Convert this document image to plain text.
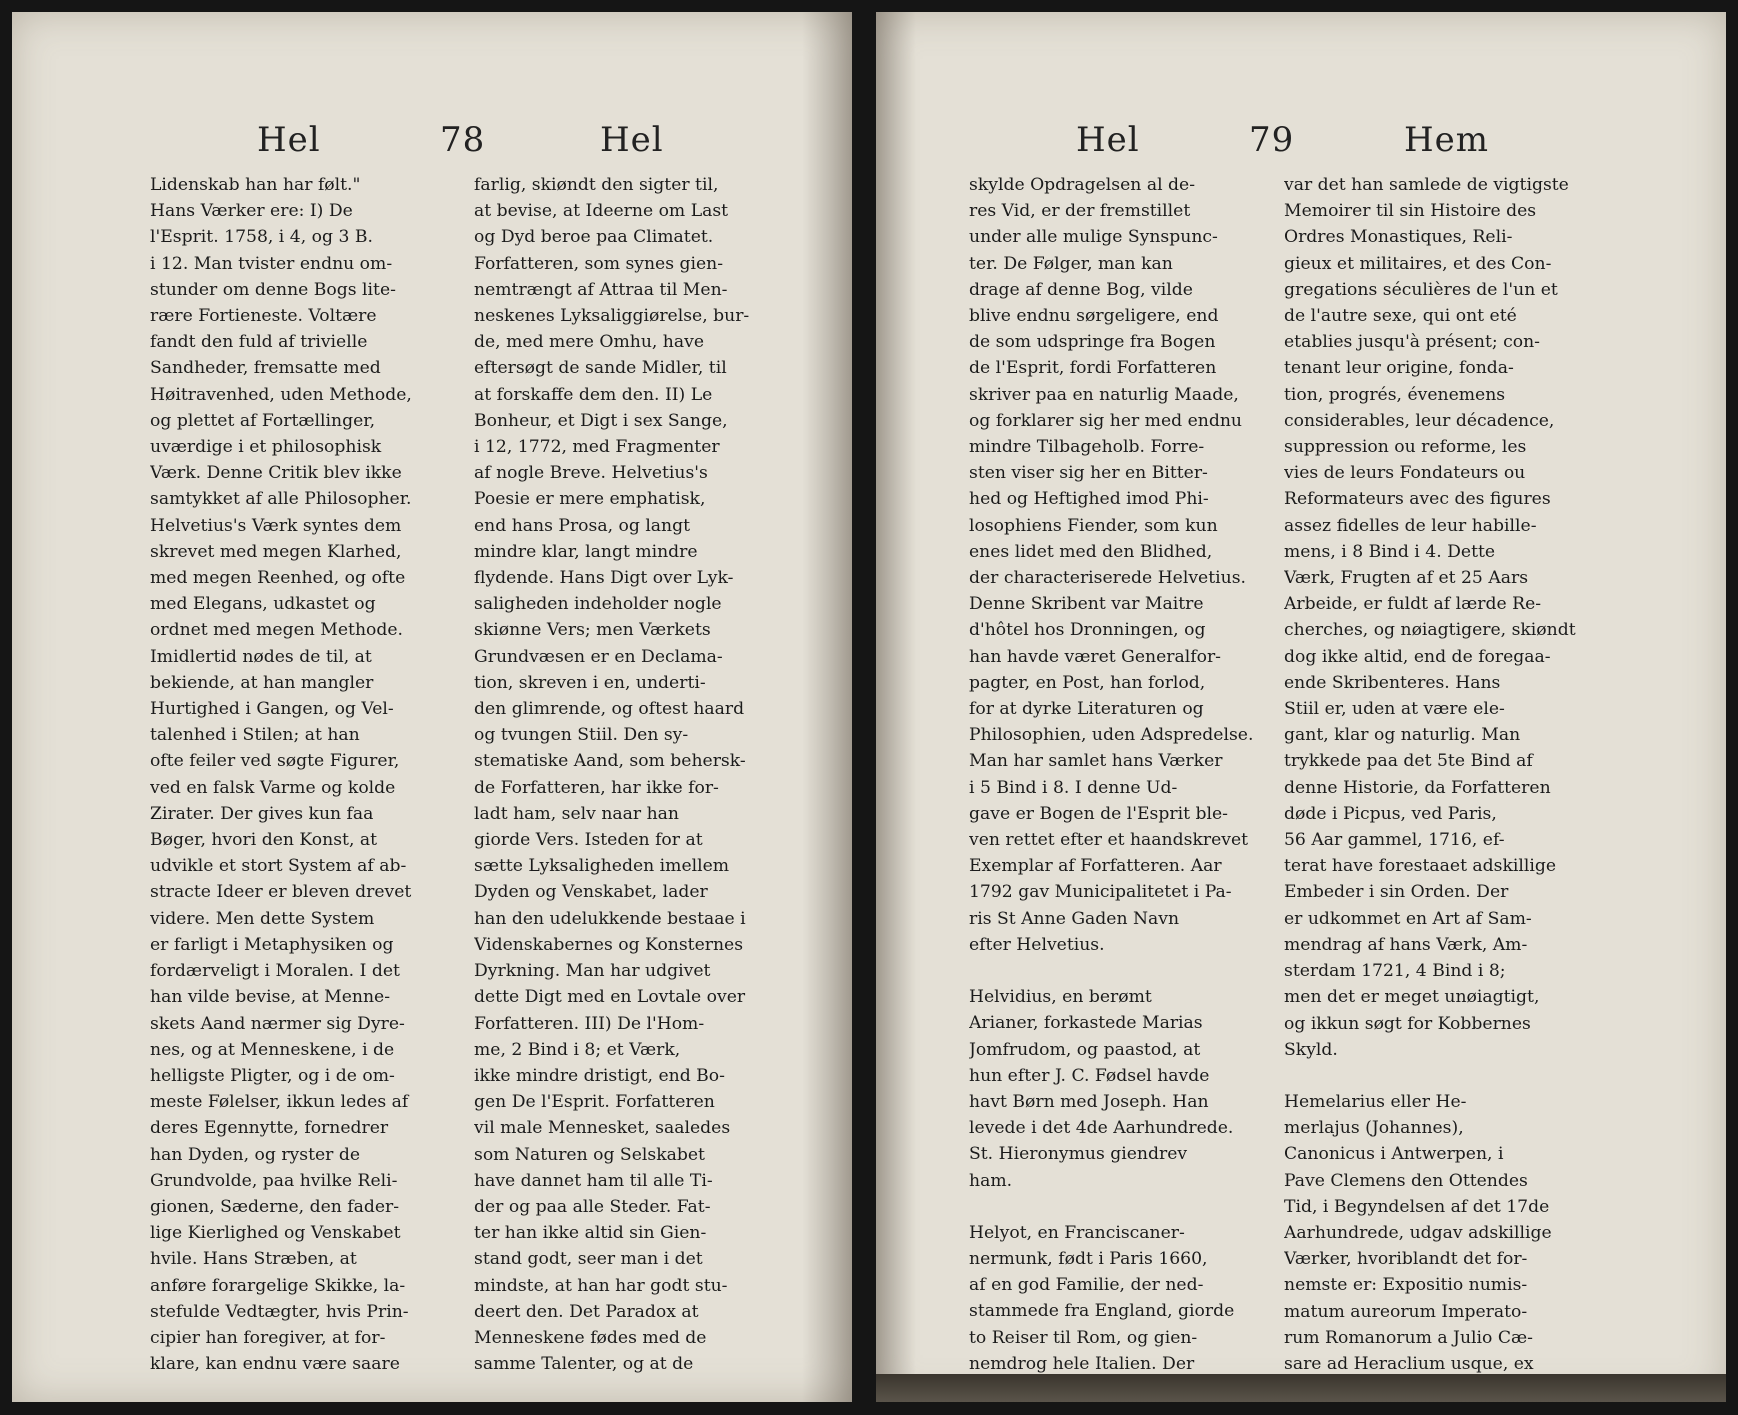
Hel	78	Hel
Lidenskab han har følt."
Hans Værker ere: I) De
l'Esprit. 1758, i 4, og 3 B.
i 12. Man tvister endnu om-
stunder om denne Bogs lite-
rære Fortieneste. Voltære
fandt den fuld af trivielle
Sandheder, fremsatte med
Høitravenhed, uden Methode,
og plettet af Fortællinger,
uværdige i et philosophisk
Værk. Denne Critik blev ikke
samtykket af alle Philosopher.
Helvetius's Værk syntes dem
skrevet med megen Klarhed,
med megen Reenhed, og ofte
med Elegans, udkastet og
ordnet med megen Methode.
Imidlertid nødes de til, at
bekiende, at han mangler
Hurtighed i Gangen, og Vel-
talenhed i Stilen; at han
ofte feiler ved søgte Figurer,
ved en falsk Varme og kolde
Zirater. Der gives kun faa
Bøger, hvori den Konst, at
udvikle et stort System af ab-
stracte Ideer er bleven drevet
videre. Men dette System
er farligt i Metaphysiken og
fordærveligt i Moralen. I det
han vilde bevise, at Menne-
skets Aand nærmer sig Dyre-
nes, og at Menneskene, i de
helligste Pligter, og i de om-
meste Følelser, ikkun ledes af
deres Egennytte, fornedrer
han Dyden, og ryster de
Grundvolde, paa hvilke Reli-
gionen, Sæderne, den fader-
lige Kierlighed og Venskabet
hvile. Hans Stræben, at
anføre forargelige Skikke, la-
stefulde Vedtægter, hvis Prin-
cipier han foregiver, at for-
klare, kan endnu være saare
farlig, skiøndt den sigter til,
at bevise, at Ideerne om Last
og Dyd beroe paa Climatet.
Forfatteren, som synes gien-
nemtrængt af Attraa til Men-
neskenes Lyksaliggiørelse, bur-
de, med mere Omhu, have
eftersøgt de sande Midler, til
at forskaffe dem den. II) Le
Bonheur, et Digt i sex Sange,
i 12, 1772, med Fragmenter
af nogle Breve. Helvetius's
Poesie er mere emphatisk,
end hans Prosa, og langt
mindre klar, langt mindre
flydende. Hans Digt over Lyk-
saligheden indeholder nogle
skiønne Vers; men Værkets
Grundvæsen er en Declama-
tion, skreven i en, underti-
den glimrende, og oftest haard
og tvungen Stiil. Den sy-
stematiske Aand, som behersk-
de Forfatteren, har ikke for-
ladt ham, selv naar han
giorde Vers. Isteden for at
sætte Lyksaligheden imellem
Dyden og Venskabet, lader
han den udelukkende bestaae i
Videnskabernes og Konsternes
Dyrkning. Man har udgivet
dette Digt med en Lovtale over
Forfatteren. III) De l'Hom-
me, 2 Bind i 8; et Værk,
ikke mindre dristigt, end Bo-
gen De l'Esprit. Forfatteren
vil male Mennesket, saaledes
som Naturen og Selskabet
have dannet ham til alle Ti-
der og paa alle Steder. Fat-
ter han ikke altid sin Gien-
stand godt, seer man i det
mindste, at han har godt stu-
deert den. Det Paradox at
Menneskene fødes med de
samme Talenter, og at de
Hel	79	Hem
skylde Opdragelsen al de-
res Vid, er der fremstillet
under alle mulige Synspunc-
ter. De Følger, man kan
drage af denne Bog, vilde
blive endnu sørgeligere, end
de som udspringe fra Bogen
de l'Esprit, fordi Forfatteren
skriver paa en naturlig Maade,
og forklarer sig her med endnu
mindre Tilbageholb. Forre-
sten viser sig her en Bitter-
hed og Heftighed imod Phi-
losophiens Fiender, som kun
enes lidet med den Blidhed,
der characteriserede Helvetius.
Denne Skribent var Maitre
d'hôtel hos Dronningen, og
han havde været Generalfor-
pagter, en Post, han forlod,
for at dyrke Literaturen og
Philosophien, uden Adspredelse.
Man har samlet hans Værker
i 5 Bind i 8. I denne Ud-
gave er Bogen de l'Esprit ble-
ven rettet efter et haandskrevet
Exemplar af Forfatteren. Aar
1792 gav Municipalitetet i Pa-
ris St Anne Gaden Navn
efter Helvetius.
Helvidius, en berømt
Arianer, forkastede Marias
Jomfrudom, og paastod, at
hun efter J. C. Fødsel havde
havt Børn med Joseph. Han
levede i det 4de Aarhundrede.
St. Hieronymus giendrev
ham.
Helyot, en Franciscaner-
nermunk, født i Paris 1660,
af en god Familie, der ned-
stammede fra England, giorde
to Reiser til Rom, og gien-
nemdrog hele Italien. Der
var det han samlede de vigtigste
Memoirer til sin Histoire des
Ordres Monastiques, Reli-
gieux et militaires, et des Con-
gregations séculières de l'un et
de l'autre sexe, qui ont eté
etablies jusqu'à présent; con-
tenant leur origine, fonda-
tion, progrés, évenemens
considerables, leur décadence,
suppression ou reforme, les
vies de leurs Fondateurs ou
Reformateurs avec des figures
assez fidelles de leur habille-
mens, i 8 Bind i 4. Dette
Værk, Frugten af et 25 Aars
Arbeide, er fuldt af lærde Re-
cherches, og nøiagtigere, skiøndt
dog ikke altid, end de foregaa-
ende Skribenteres. Hans
Stiil er, uden at være ele-
gant, klar og naturlig. Man
trykkede paa det 5te Bind af
denne Historie, da Forfatteren
døde i Picpus, ved Paris,
56 Aar gammel, 1716, ef-
terat have forestaaet adskillige
Embeder i sin Orden. Der
er udkommet en Art af Sam-
mendrag af hans Værk, Am-
sterdam 1721, 4 Bind i 8;
men det er meget unøiagtigt,
og ikkun søgt for Kobbernes
Skyld.
Hemelarius eller He-
merlajus (Johannes),
Canonicus i Antwerpen, i
Pave Clemens den Ottendes
Tid, i Begyndelsen af det 17de
Aarhundrede, udgav adskillige
Værker, hvoriblandt det for-
nemste er: Expositio numis-
matum aureorum Imperato-
rum Romanorum a Julio Cæ-
sare ad Heraclium usque, ex
